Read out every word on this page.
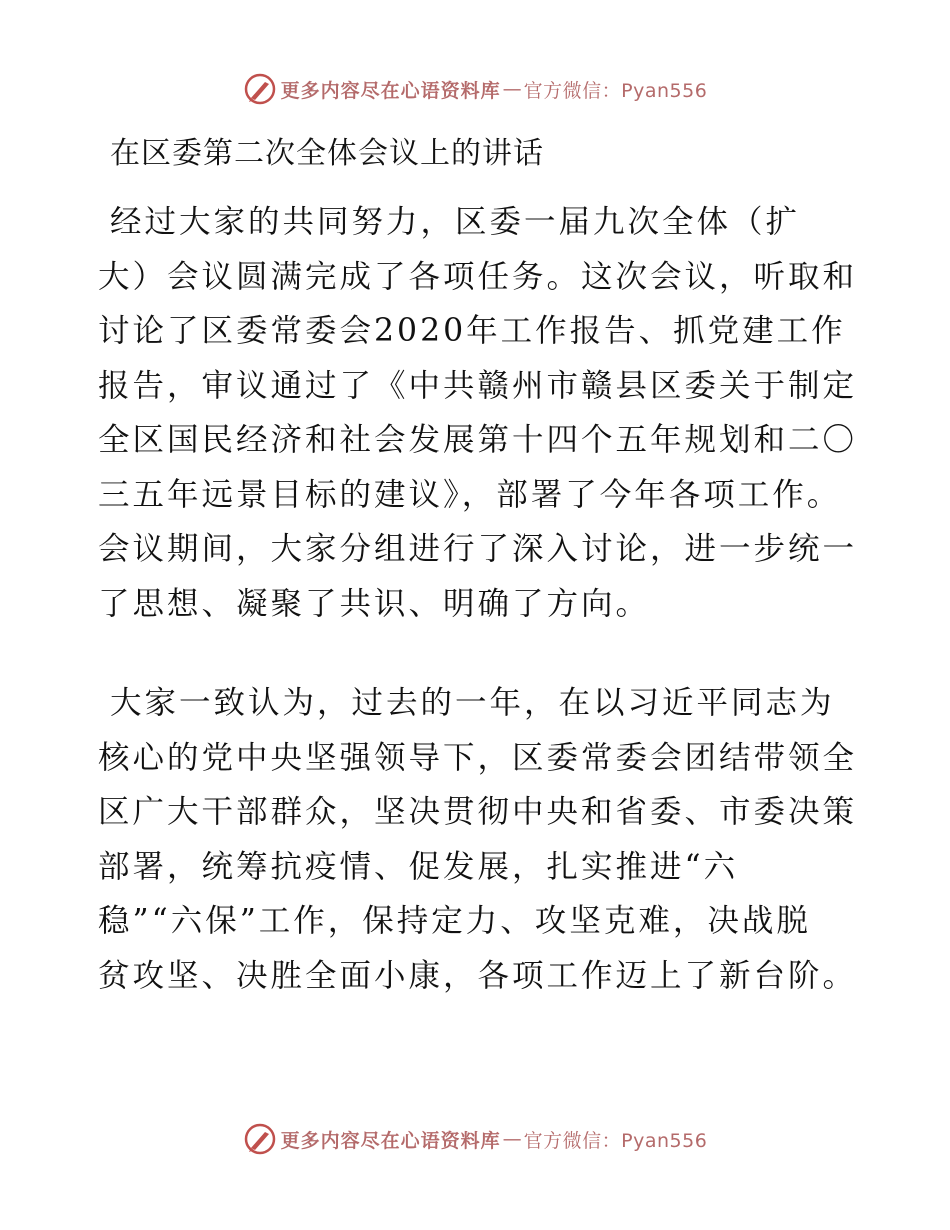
更多内容尽在心语资料库 — 官方微信：Pyan556
在区委第二次全体会议上的讲话
经过大家的共同努力，区委一届九次全体（扩
大）会议圆满完成了各项任务。这次会议，听取和
讨论了区委常委会2020年工作报告、抓党建工作
报告，审议通过了《中共赣州市赣县区委关于制定
全区国民经济和社会发展第十四个五年规划和二〇
三五年远景目标的建议》，部署了今年各项工作。
会议期间，大家分组进行了深入讨论，进一步统一
了思想、凝聚了共识、明确了方向。
大家一致认为，过去的一年，在以习近平同志为
核心的党中央坚强领导下，区委常委会团结带领全
区广大干部群众，坚决贯彻中央和省委、市委决策
部署，统筹抗疫情、促发展，扎实推进“六
稳”“六保”工作，保持定力、攻坚克难，决战脱
贫攻坚、决胜全面小康，各项工作迈上了新台阶。
更多内容尽在心语资料库 — 官方微信：Pyan556
